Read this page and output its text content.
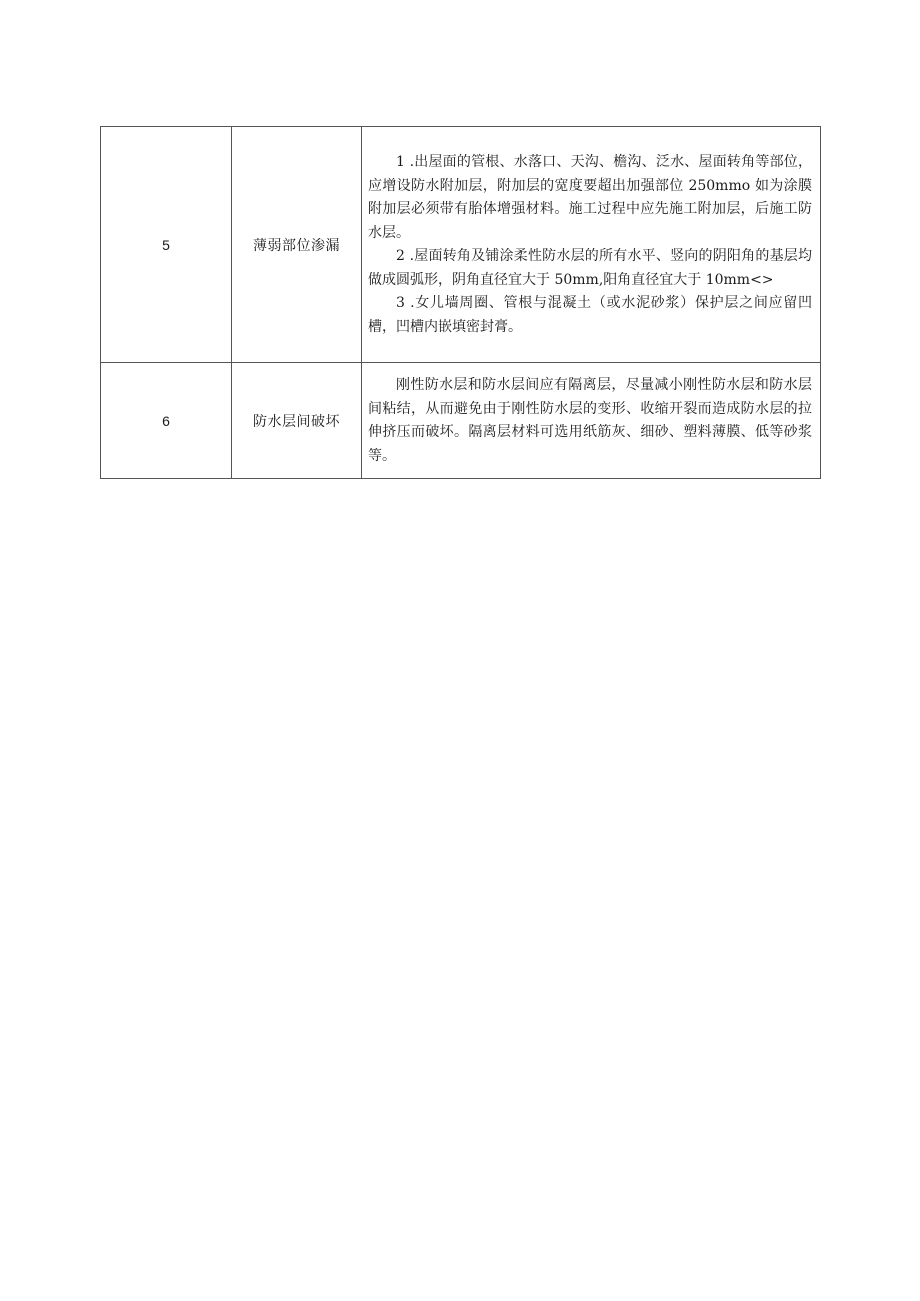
5	薄弱部位渗漏	1 .出屋面的管根、水落口、天沟、檐沟、泛水、屋面转角等部位，应增设防水附加层，附加层的宽度要超出加强部位 250mmo 如为涂膜附加层必须带有胎体增强材料。施工过程中应先施工附加层，后施工防水层。

2 .屋面转角及铺涂柔性防水层的所有水平、竖向的阴阳角的基层均做成圆弧形，阴角直径宜大于 50mm,阳角直径宜大于 10mm<>

3 .女儿墙周圈、管根与混凝土（或水泥砂浆）保护层之间应留凹槽，凹槽内嵌填密封膏。

6	防水层间破坏	刚性防水层和防水层间应有隔离层，尽量减小刚性防水层和防水层间粘结，从而避免由于刚性防水层的变形、收缩开裂而造成防水层的拉伸挤压而破坏。隔离层材料可选用纸筋灰、细砂、塑料薄膜、低等砂浆等。
